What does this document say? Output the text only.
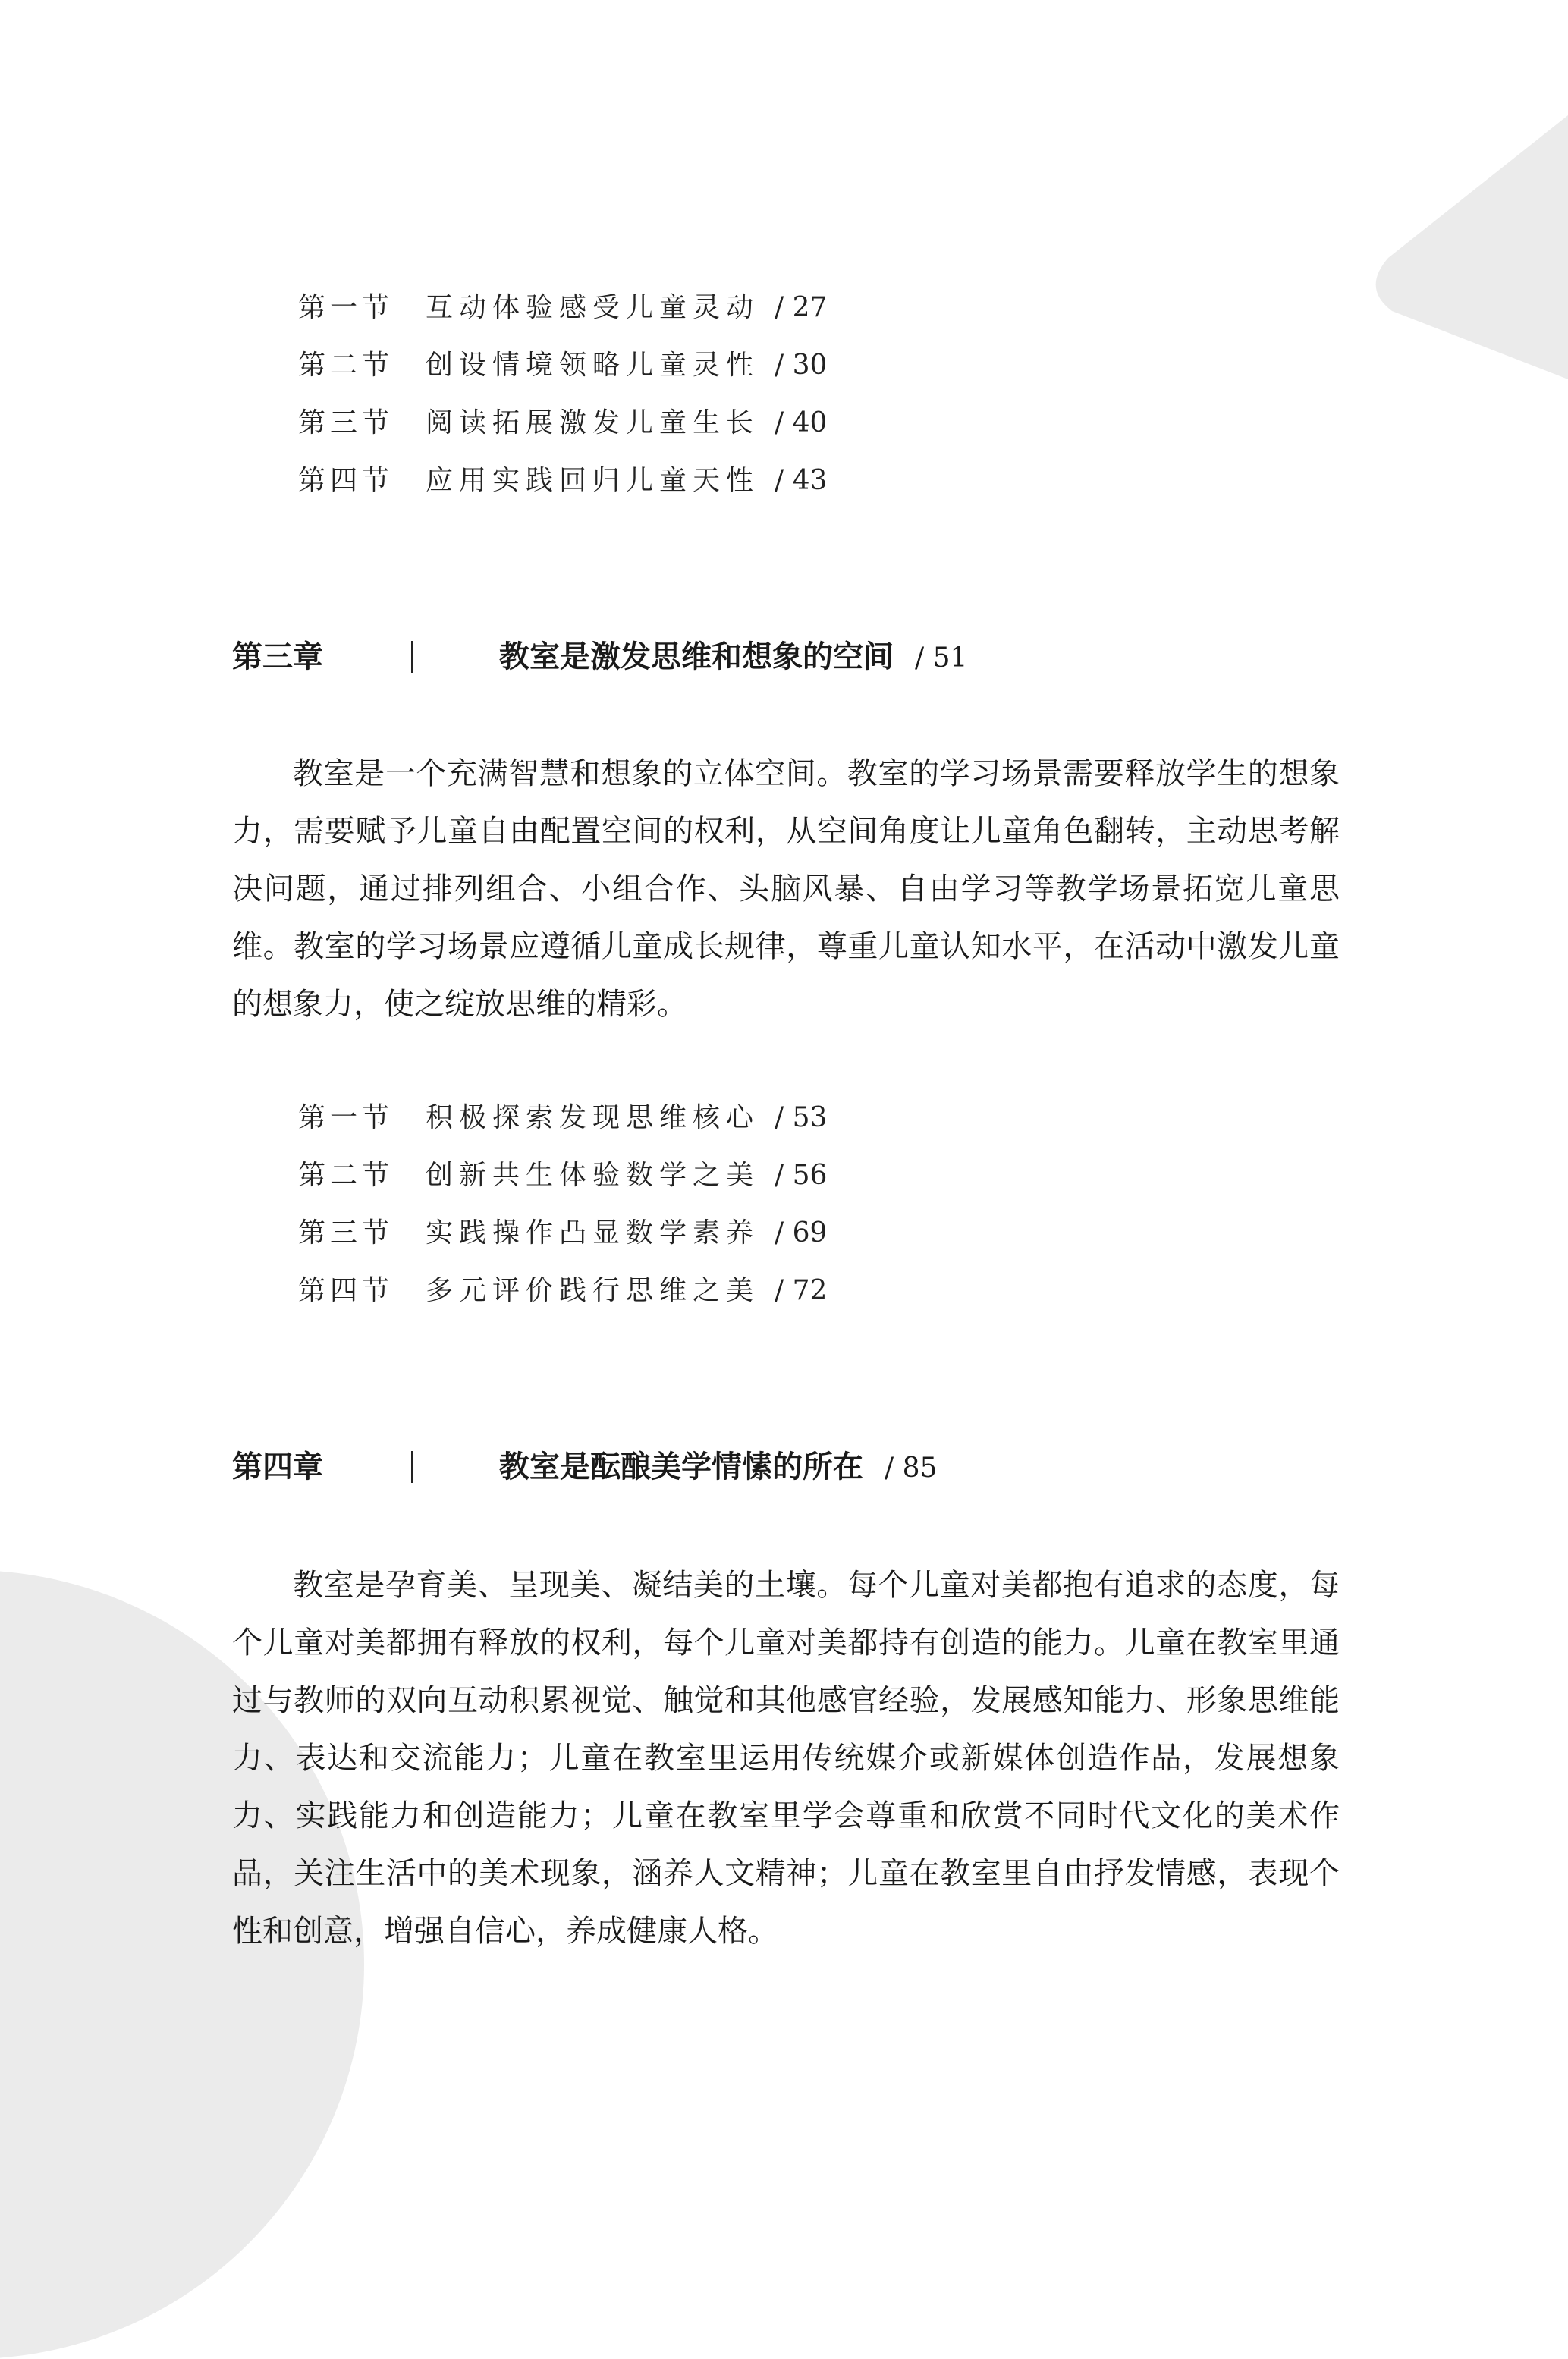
第一节 互动体验感受儿童灵动 / 27
第二节 创设情境领略儿童灵性 / 30
第三节 阅读拓展激发儿童生长 / 40
第四节 应用实践回归儿童天性 / 43
第三章	教室是激发思维和想象的空间 / 51

教室是一个充满智慧和想象的立体空间。教室的学习场景需要释放学生的想象力，需要赋予儿童自由配置空间的权利，从空间角度让儿童角色翻转，主动思考解决问题，通过排列组合、小组合作、头脑风暴、自由学习等教学场景拓宽儿童思维。教室的学习场景应遵循儿童成长规律，尊重儿童认知水平，在活动中激发儿童的想象力，使之绽放思维的精彩。

第一节 积极探索发现思维核心 / 53
第二节 创新共生体验数学之美 / 56
第三节 实践操作凸显数学素养 / 69
第四节 多元评价践行思维之美 / 72
第四章	教室是酝酿美学情愫的所在 / 85

教室是孕育美、呈现美、凝结美的土壤。每个儿童对美都抱有追求的态度，每个儿童对美都拥有释放的权利，每个儿童对美都持有创造的能力。儿童在教室里通过与教师的双向互动积累视觉、触觉和其他感官经验，发展感知能力、形象思维能力、表达和交流能力；儿童在教室里运用传统媒介或新媒体创造作品，发展想象力、实践能力和创造能力；儿童在教室里学会尊重和欣赏不同时代文化的美术作品，关注生活中的美术现象，涵养人文精神；儿童在教室里自由抒发情感，表现个性和创意，增强自信心，养成健康人格。
